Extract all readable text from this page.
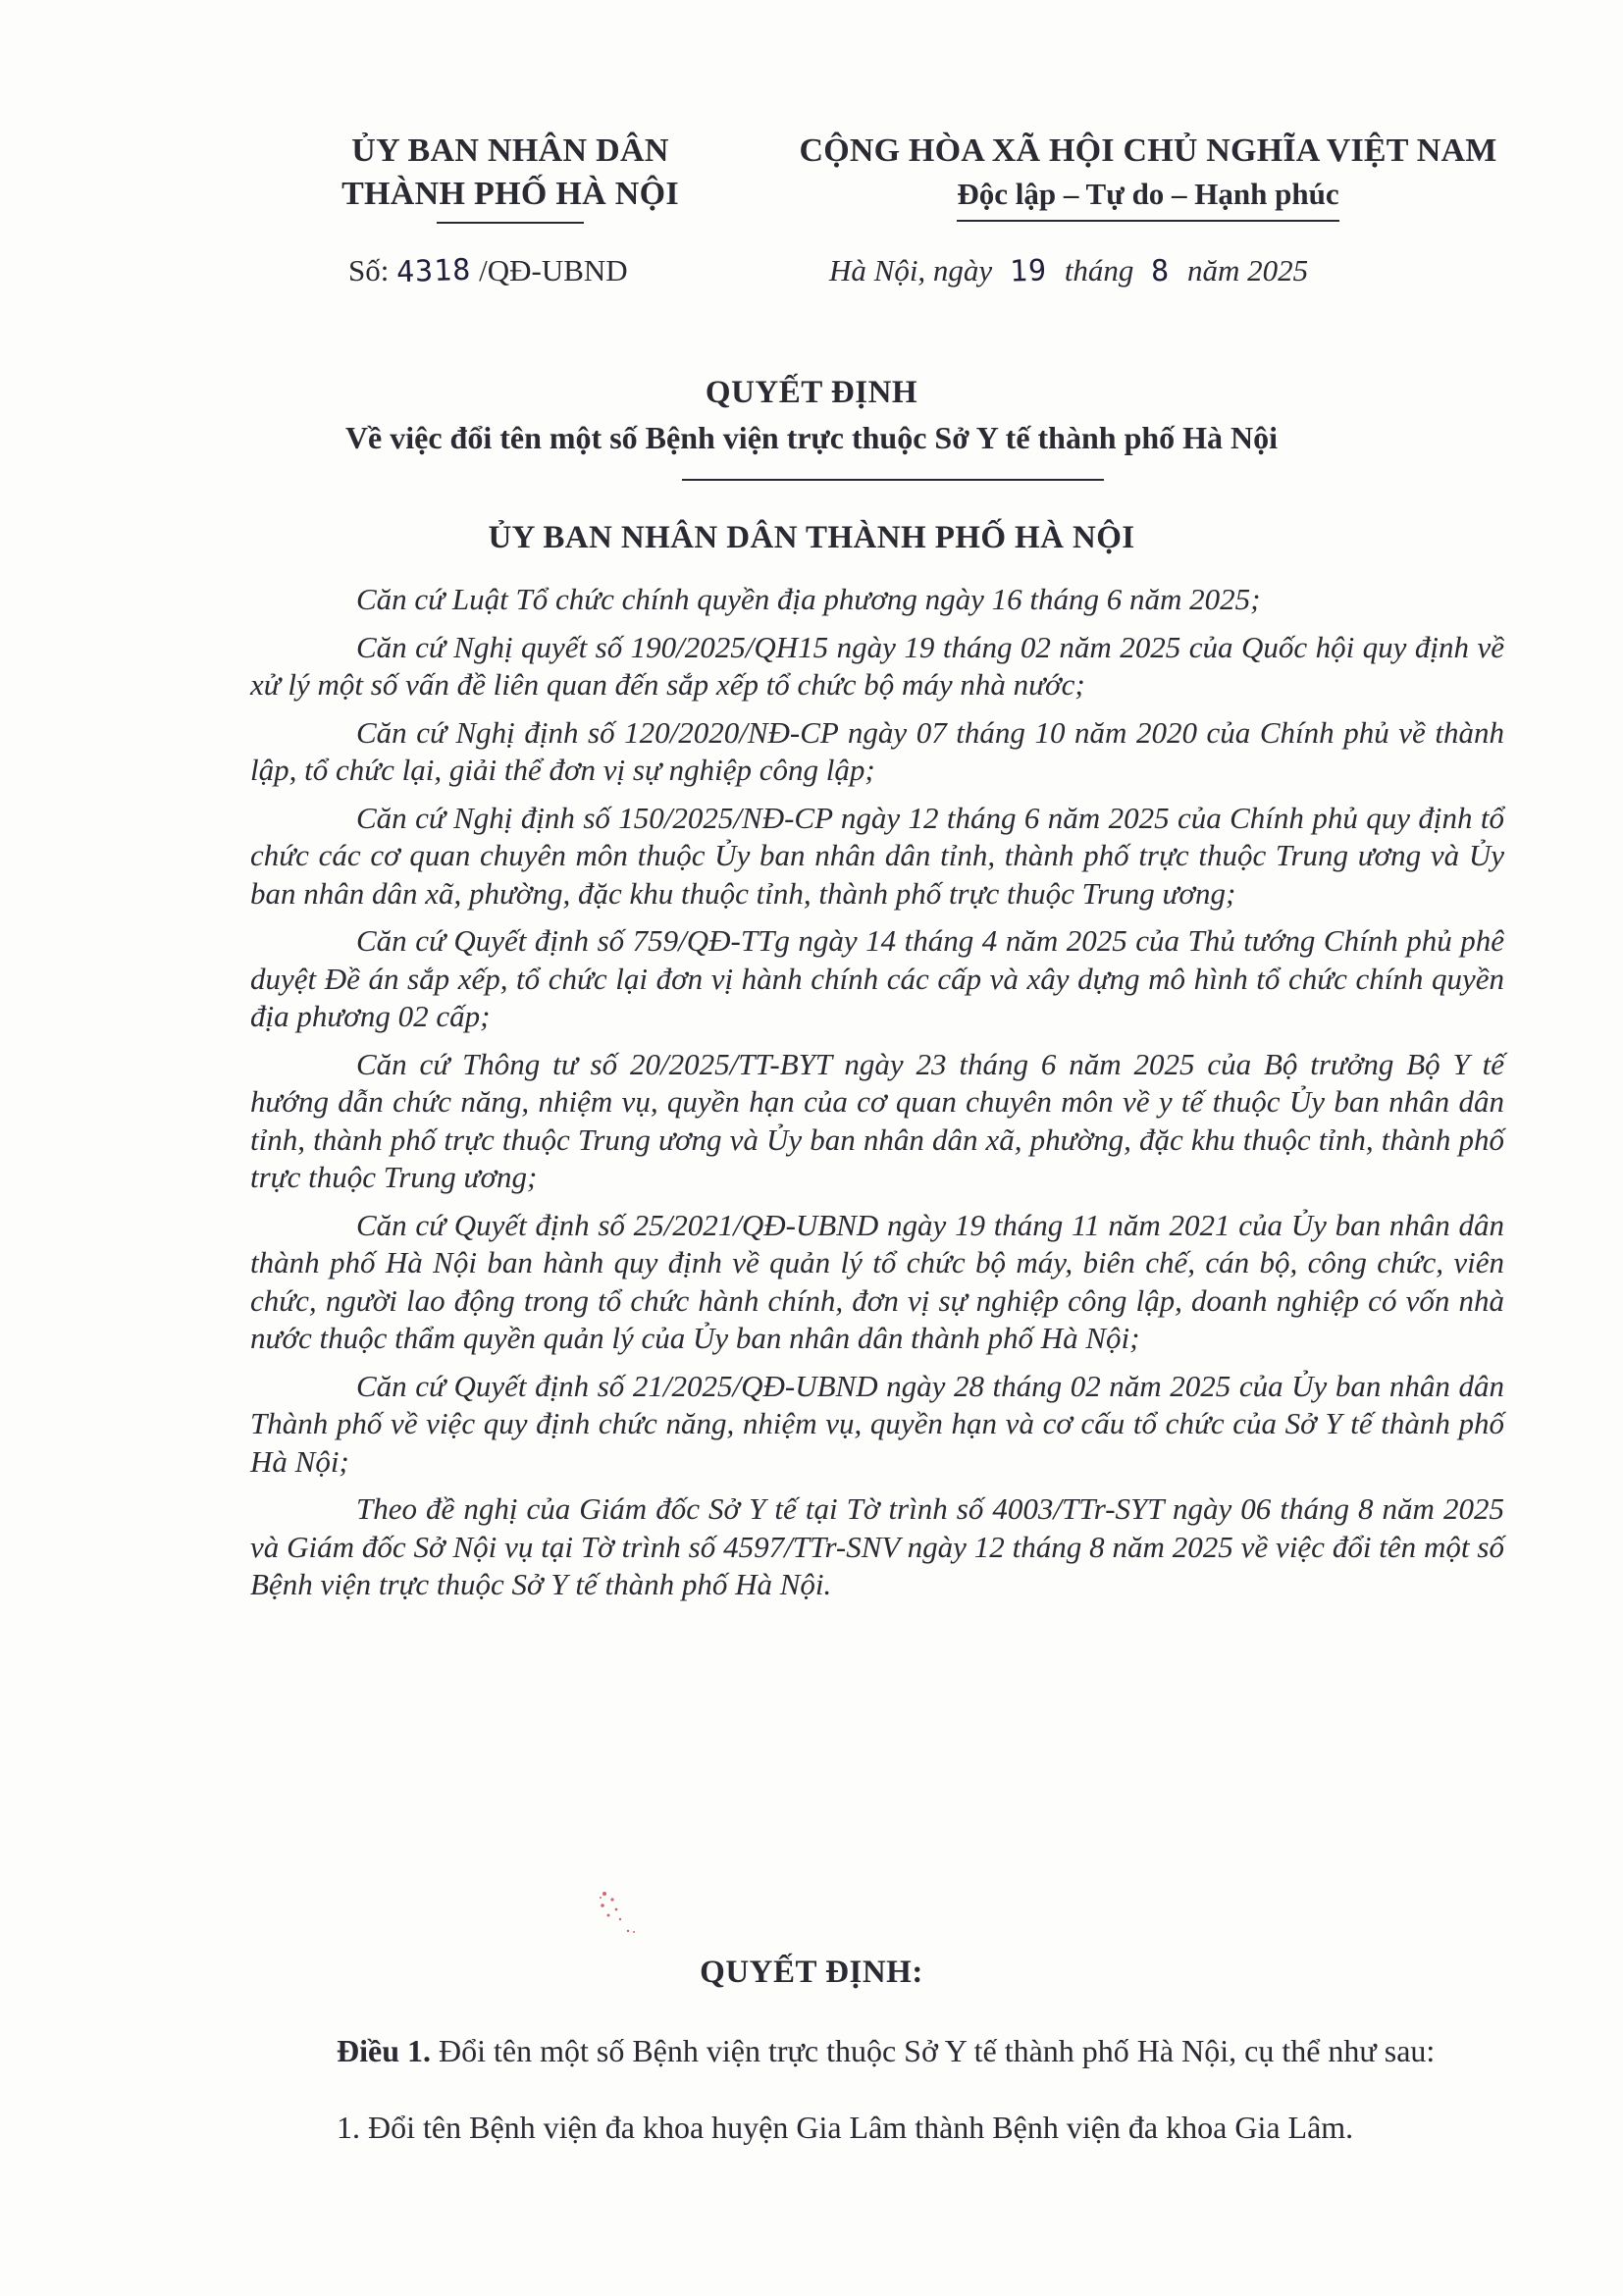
ỦY BAN NHÂN DÂN
THÀNH PHỐ HÀ NỘI
CỘNG HÒA XÃ HỘI CHỦ NGHĨA VIỆT NAM
Độc lập – Tự do – Hạnh phúc
Số: 4318 /QĐ-UBND	Hà Nội, ngày 19 tháng 8 năm 2025
QUYẾT ĐỊNH
Về việc đổi tên một số Bệnh viện trực thuộc Sở Y tế thành phố Hà Nội
ỦY BAN NHÂN DÂN THÀNH PHỐ HÀ NỘI

Căn cứ Luật Tổ chức chính quyền địa phương ngày 16 tháng 6 năm 2025;

Căn cứ Nghị quyết số 190/2025/QH15 ngày 19 tháng 02 năm 2025 của Quốc hội quy định về xử lý một số vấn đề liên quan đến sắp xếp tổ chức bộ máy nhà nước;

Căn cứ Nghị định số 120/2020/NĐ-CP ngày 07 tháng 10 năm 2020 của Chính phủ về thành lập, tổ chức lại, giải thể đơn vị sự nghiệp công lập;

Căn cứ Nghị định số 150/2025/NĐ-CP ngày 12 tháng 6 năm 2025 của Chính phủ quy định tổ chức các cơ quan chuyên môn thuộc Ủy ban nhân dân tỉnh, thành phố trực thuộc Trung ương và Ủy ban nhân dân xã, phường, đặc khu thuộc tỉnh, thành phố trực thuộc Trung ương;

Căn cứ Quyết định số 759/QĐ-TTg ngày 14 tháng 4 năm 2025 của Thủ tướng Chính phủ phê duyệt Đề án sắp xếp, tổ chức lại đơn vị hành chính các cấp và xây dựng mô hình tổ chức chính quyền địa phương 02 cấp;

Căn cứ Thông tư số 20/2025/TT-BYT ngày 23 tháng 6 năm 2025 của Bộ trưởng Bộ Y tế hướng dẫn chức năng, nhiệm vụ, quyền hạn của cơ quan chuyên môn về y tế thuộc Ủy ban nhân dân tỉnh, thành phố trực thuộc Trung ương và Ủy ban nhân dân xã, phường, đặc khu thuộc tỉnh, thành phố trực thuộc Trung ương;

Căn cứ Quyết định số 25/2021/QĐ-UBND ngày 19 tháng 11 năm 2021 của Ủy ban nhân dân thành phố Hà Nội ban hành quy định về quản lý tổ chức bộ máy, biên chế, cán bộ, công chức, viên chức, người lao động trong tổ chức hành chính, đơn vị sự nghiệp công lập, doanh nghiệp có vốn nhà nước thuộc thẩm quyền quản lý của Ủy ban nhân dân thành phố Hà Nội;

Căn cứ Quyết định số 21/2025/QĐ-UBND ngày 28 tháng 02 năm 2025 của Ủy ban nhân dân Thành phố về việc quy định chức năng, nhiệm vụ, quyền hạn và cơ cấu tổ chức của Sở Y tế thành phố Hà Nội;

Theo đề nghị của Giám đốc Sở Y tế tại Tờ trình số 4003/TTr-SYT ngày 06 tháng 8 năm 2025 và Giám đốc Sở Nội vụ tại Tờ trình số 4597/TTr-SNV ngày 12 tháng 8 năm 2025 về việc đổi tên một số Bệnh viện trực thuộc Sở Y tế thành phố Hà Nội.

QUYẾT ĐỊNH:
Điều 1. Đổi tên một số Bệnh viện trực thuộc Sở Y tế thành phố Hà Nội, cụ thể như sau:
1. Đổi tên Bệnh viện đa khoa huyện Gia Lâm thành Bệnh viện đa khoa Gia Lâm.
